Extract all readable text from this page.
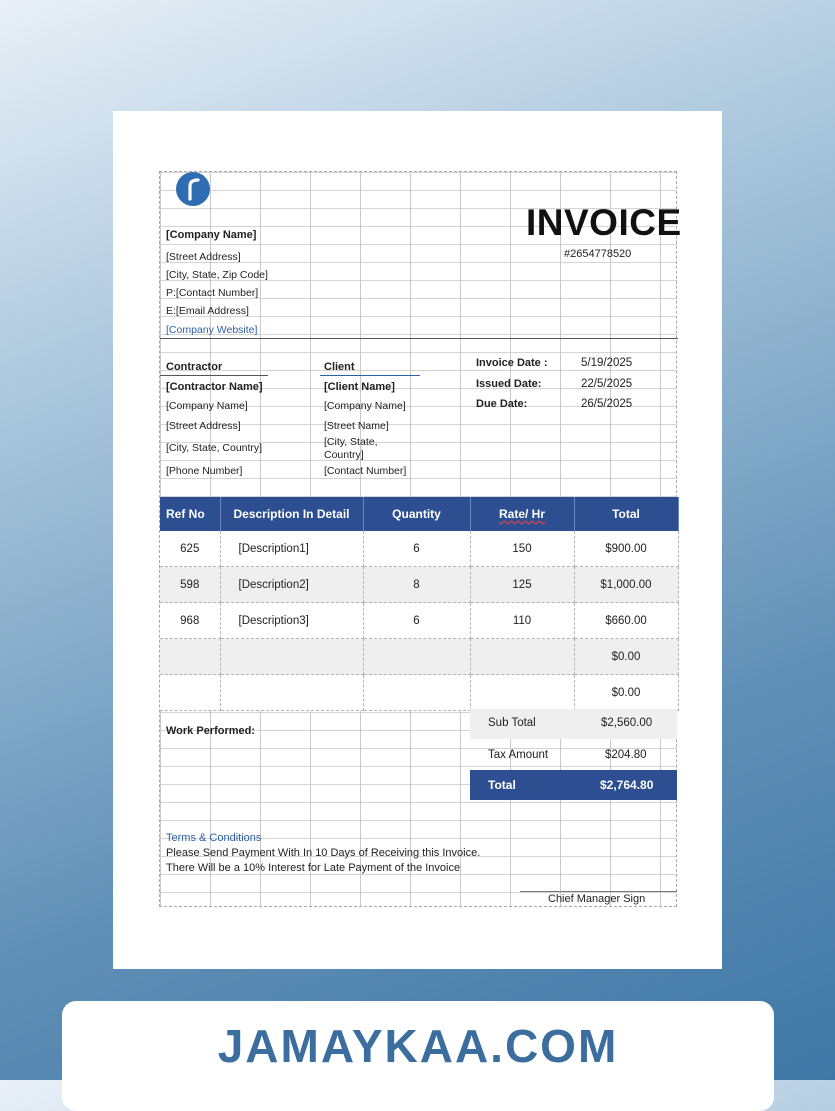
INVOICE
#2654778520
[Company Name]
[Street Address]
[City, State, Zip Code]
P:[Contact Number]
E:[Email Address]
[Company Website]
Contractor
[Contractor Name]
[Company Name]
[Street Address]
[City, State, Country]
[Phone Number]
Client
[Client Name]
[Company Name]
[Street Name]
[City, State,
Country]
[Contact Number]
Invoice Date :	5/19/2025
Issued Date:	22/5/2025
Due Date:	26/5/2025
Ref No	Description In Detail	Quantity	Rate/ Hr	Total
625	[Description1]	6	150	$900.00
598	[Description2]	8	125	$1,000.00
968	[Description3]	6	110	$660.00
				$0.00
				$0.00
Work Performed:
Sub Total	$2,560.00
Tax Amount	$204.80
Total	$2,764.80
Terms & Conditions
Please Send Payment With In 10 Days of Receiving this Invoice.
There Will be a 10% Interest for Late Payment of the Invoice
Chief Manager Sign
JAMAYKAA.COM
